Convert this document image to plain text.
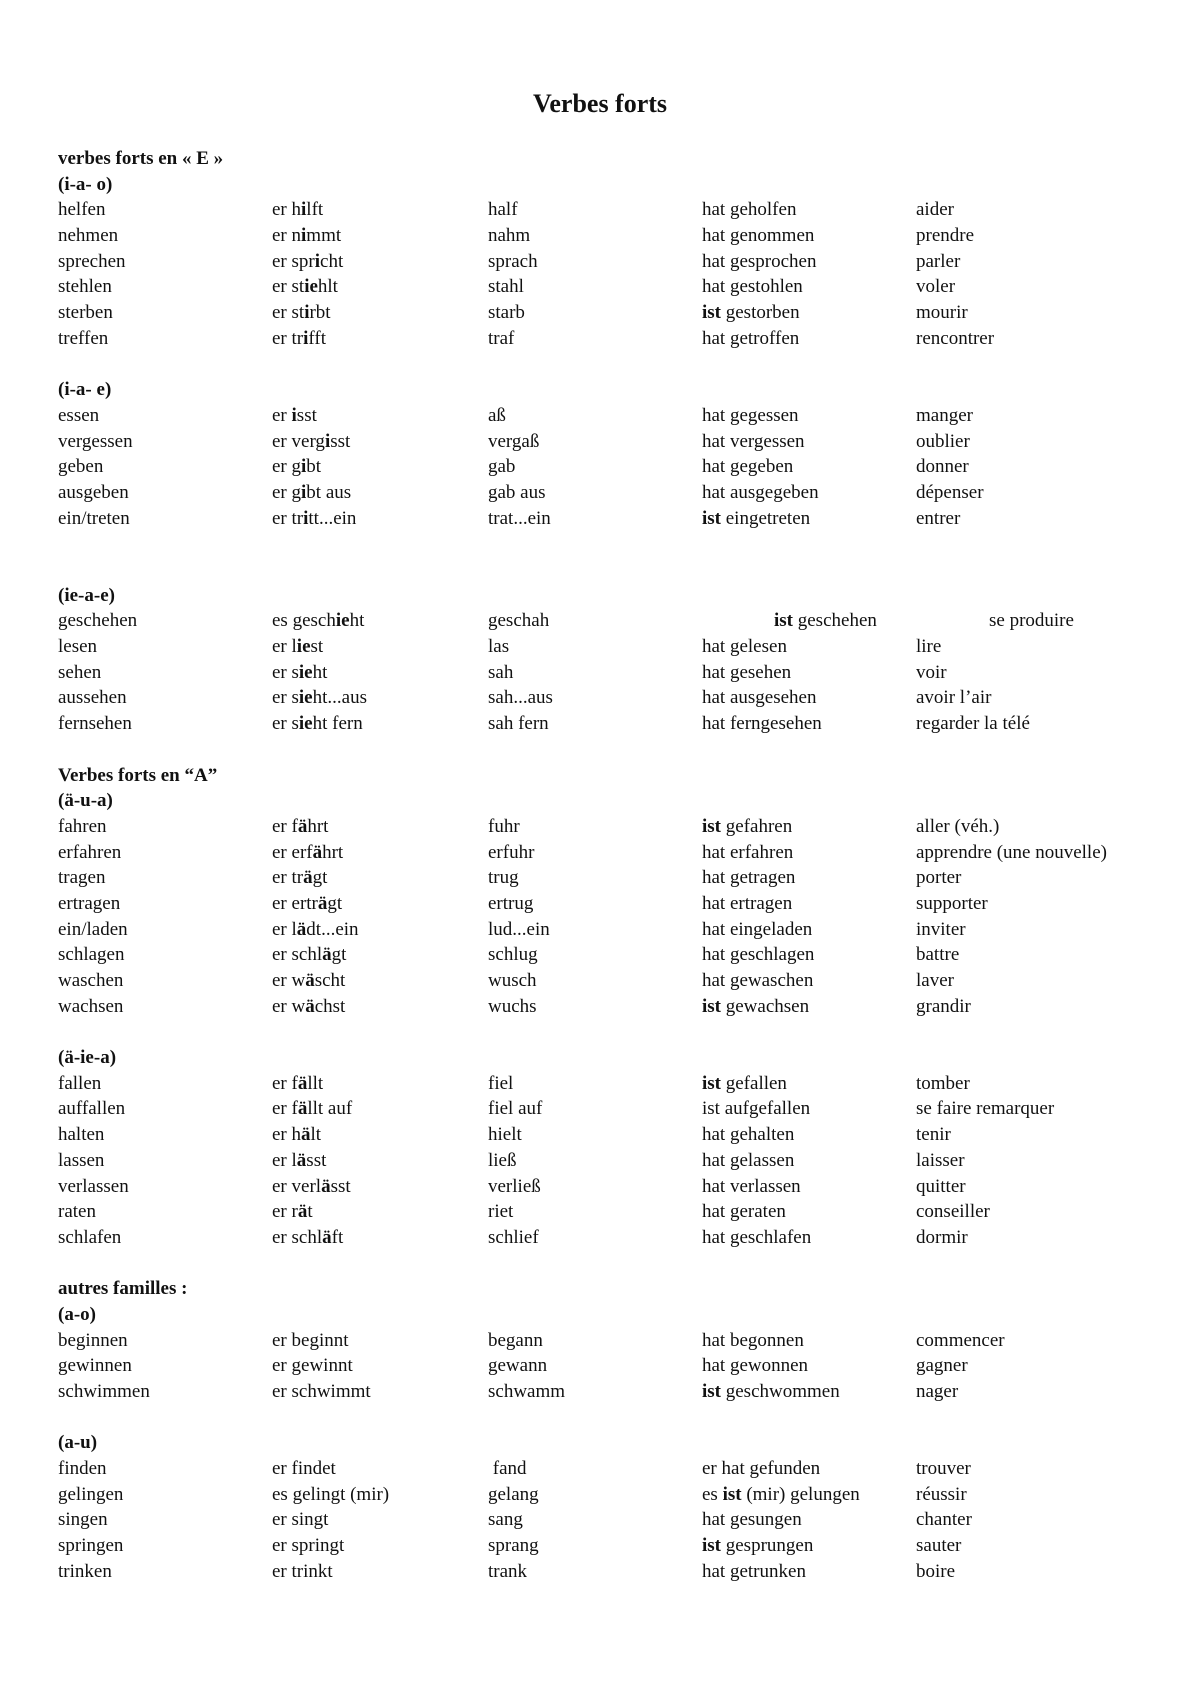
Verbes forts
verbes forts en « E »
(i-a- o)
helfen	er hilft	half	hat geholfen	aider
nehmen	er nimmt	nahm	hat genommen	prendre
sprechen	er spricht	sprach	hat gesprochen	parler
stehlen	er stiehlt	stahl	hat gestohlen	voler
sterben	er stirbt	starb	ist gestorben	mourir
treffen	er trifft	traf	hat getroffen	rencontrer
(i-a- e)
essen	er isst	aß	hat gegessen	manger
vergessen	er vergisst	vergaß	hat vergessen	oublier
geben	er gibt	gab	hat gegeben	donner
ausgeben	er gibt aus	gab aus	hat ausgegeben	dépenser
ein/treten	er tritt...ein	trat...ein	ist eingetreten	entrer
(ie-a-e)
geschehen	es geschieht	geschah	ist geschehen	se produire
lesen	er liest	las	hat gelesen	lire
sehen	er sieht	sah	hat gesehen	voir
aussehen	er sieht...aus	sah...aus	hat ausgesehen	avoir l’air
fernsehen	er sieht fern	sah fern	hat ferngesehen	regarder la télé
Verbes forts en “A”
(ä-u-a)
fahren	er fährt	fuhr	ist gefahren	aller (véh.)
erfahren	er erfährt	erfuhr	hat erfahren	apprendre (une nouvelle)
tragen	er trägt	trug	hat getragen	porter
ertragen	er erträgt	ertrug	hat ertragen	supporter
ein/laden	er lädt...ein	lud...ein	hat eingeladen	inviter
schlagen	er schlägt	schlug	hat geschlagen	battre
waschen	er wäscht	wusch	hat gewaschen	laver
wachsen	er wächst	wuchs	ist gewachsen	grandir
(ä-ie-a)
fallen	er fällt	fiel	ist gefallen	tomber
auffallen	er fällt auf	fiel auf	ist aufgefallen	se faire remarquer
halten	er hält	hielt	hat gehalten	tenir
lassen	er lässt	ließ	hat gelassen	laisser
verlassen	er verlässt	verließ	hat verlassen	quitter
raten	er rät	riet	hat geraten	conseiller
schlafen	er schläft	schlief	hat geschlafen	dormir
autres familles :
(a-o)
beginnen	er beginnt	begann	hat begonnen	commencer
gewinnen	er gewinnt	gewann	hat gewonnen	gagner
schwimmen	er schwimmt	schwamm	ist geschwommen	nager
(a-u)
finden	er findet	fand	er hat gefunden	trouver
gelingen	es gelingt (mir)	gelang	es ist (mir) gelungen	réussir
singen	er singt	sang	hat gesungen	chanter
springen	er springt	sprang	ist gesprungen	sauter
trinken	er trinkt	trank	hat getrunken	boire
